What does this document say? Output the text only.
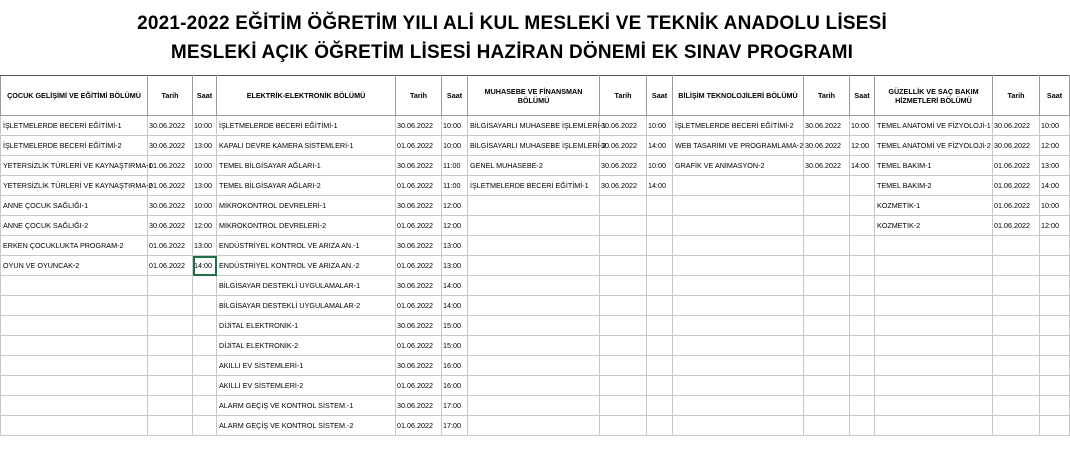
2021-2022 EĞİTİM ÖĞRETİM YILI ALİ KUL MESLEKİ VE TEKNİK ANADOLU LİSESİ
MESLEKİ AÇIK ÖĞRETİM LİSESİ HAZİRAN DÖNEMİ EK SINAV PROGRAMI
ÇOCUK GELİŞİMİ VE EĞİTİMİ BÖLÜMÜ	Tarih	Saat	ELEKTRİK-ELEKTRONİK BÖLÜMÜ	Tarih	Saat	MUHASEBE VE FİNANSMAN BÖLÜMÜ	Tarih	Saat	BİLİŞİM TEKNOLOJİLERİ BÖLÜMÜ	Tarih	Saat	GÜZELLİK VE SAÇ BAKIM HİZMETLERİ BÖLÜMÜ	Tarih	Saat
İŞLETMELERDE BECERİ EĞİTİMİ-1	30.06.2022	10:00	İŞLETMELERDE BECERİ EĞİTİMİ-1	30.06.2022	10:00	BİLGİSAYARLI MUHASEBE İŞLEMLERİ-1	30.06.2022	10:00	İŞLETMELERDE BECERİ EĞİTİMİ-2	30.06.2022	10:00	TEMEL ANATOMİ VE FİZYOLOJİ-1	30.06.2022	10:00
İŞLETMELERDE BECERİ EĞİTİMİ-2	30.06.2022	13:00	KAPALI DEVRE KAMERA SİSTEMLERİ-1	01.06.2022	10:00	BİLGİSAYARLI MUHASEBE İŞLEMLERİ-2	30.06.2022	14:00	WEB TASARIMI VE PROGRAMLAMA-2	30.06.2022	12:00	TEMEL ANATOMİ VE FİZYOLOJİ-2	30.06.2022	12:00
YETERSİZLİK TÜRLERİ VE KAYNAŞTIRMA-1	01.06.2022	10:00	TEMEL BİLGİSAYAR AĞLARI-1	30.06.2022	11:00	GENEL MUHASEBE-2	30.06.2022	10:00	GRAFİK VE ANİMASYON-2	30.06.2022	14:00	TEMEL BAKIM-1	01.06.2022	13:00
YETERSİZLİK TÜRLERİ VE KAYNAŞTIRMA-2	01.06.2022	13:00	TEMEL BİLGİSAYAR AĞLARI-2	01.06.2022	11:00	İŞLETMELERDE BECERİ EĞİTİMİ-1	30.06.2022	14:00				TEMEL BAKIM-2	01.06.2022	14:00
ANNE ÇOCUK SAĞLIĞI-1	30.06.2022	10:00	MİKROKONTROL DEVRELERİ-1	30.06.2022	12:00							KOZMETİK-1	01.06.2022	10:00
ANNE ÇOCUK SAĞLIĞI-2	30.06.2022	12:00	MİKROKONTROL DEVRELERİ-2	01.06.2022	12:00							KOZMETİK-2	01.06.2022	12:00
ERKEN ÇOCUKLUKTA PROGRAM-2	01.06.2022	13:00	ENDÜSTRİYEL KONTROL VE ARIZA AN.-1	30.06.2022	13:00									
OYUN VE OYUNCAK-2	01.06.2022	14:00	ENDÜSTRİYEL KONTROL VE ARIZA AN.-2	01.06.2022	13:00									
			BİLGİSAYAR DESTEKLİ UYGULAMALAR-1	30.06.2022	14:00									
			BİLGİSAYAR DESTEKLİ UYGULAMALAR-2	01.06.2022	14:00									
			DİJİTAL ELEKTRONİK-1	30.06.2022	15:00									
			DİJİTAL ELEKTRONİK-2	01.06.2022	15:00									
			AKILLI EV SİSTEMLERİ-1	30.06.2022	16:00									
			AKILLI EV SİSTEMLERİ-2	01.06.2022	16:00									
			ALARM GEÇİŞ VE KONTROL SİSTEM.-1	30.06.2022	17:00									
			ALARM GEÇİŞ VE KONTROL SİSTEM.-2	01.06.2022	17:00									
